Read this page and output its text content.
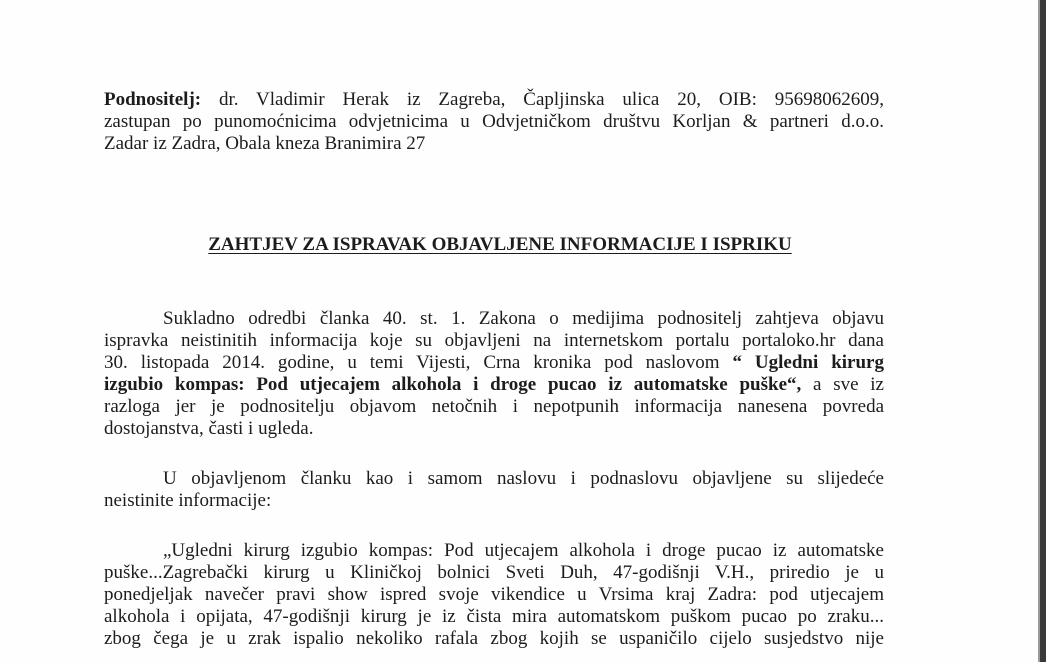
Podnositelj: dr. Vladimir Herak iz Zagreba, Čapljinska ulica 20, OIB: 95698062609,
zastupan po punomoćnicima odvjetnicima u Odvjetničkom društvu Korljan & partneri d.o.o.
Zadar iz Zadra, Obala kneza Branimira 27
ZAHTJEV ZA ISPRAVAK OBJAVLJENE INFORMACIJE I ISPRIKU
Sukladno odredbi članka 40. st. 1. Zakona o medijima podnositelj zahtjeva objavu
ispravka neistinitih informacija koje su objavljeni na internetskom portalu portaloko.hr dana
30. listopada 2014. godine, u temi Vijesti, Crna kronika pod naslovom “ Ugledni kirurg
izgubio kompas: Pod utjecajem alkohola i droge pucao iz automatske puške“, a sve iz
razloga jer je podnositelju objavom netočnih i nepotpunih informacija nanesena povreda
dostojanstva, časti i ugleda.
U objavljenom članku kao i samom naslovu i podnaslovu objavljene su slijedeće
neistinite informacije:
„Ugledni kirurg izgubio kompas: Pod utjecajem alkohola i droge pucao iz automatske
puške...Zagrebački kirurg u Kliničkoj bolnici Sveti Duh, 47-godišnji V.H., priredio je u
ponedjeljak navečer pravi show ispred svoje vikendice u Vrsima kraj Zadra: pod utjecajem
alkohola i opijata, 47-godišnji kirurg je iz čista mira automatskom puškom pucao po zraku...
zbog čega je u zrak ispalio nekoliko rafala zbog kojih se uspaničilo cijelo susjedstvo nije
